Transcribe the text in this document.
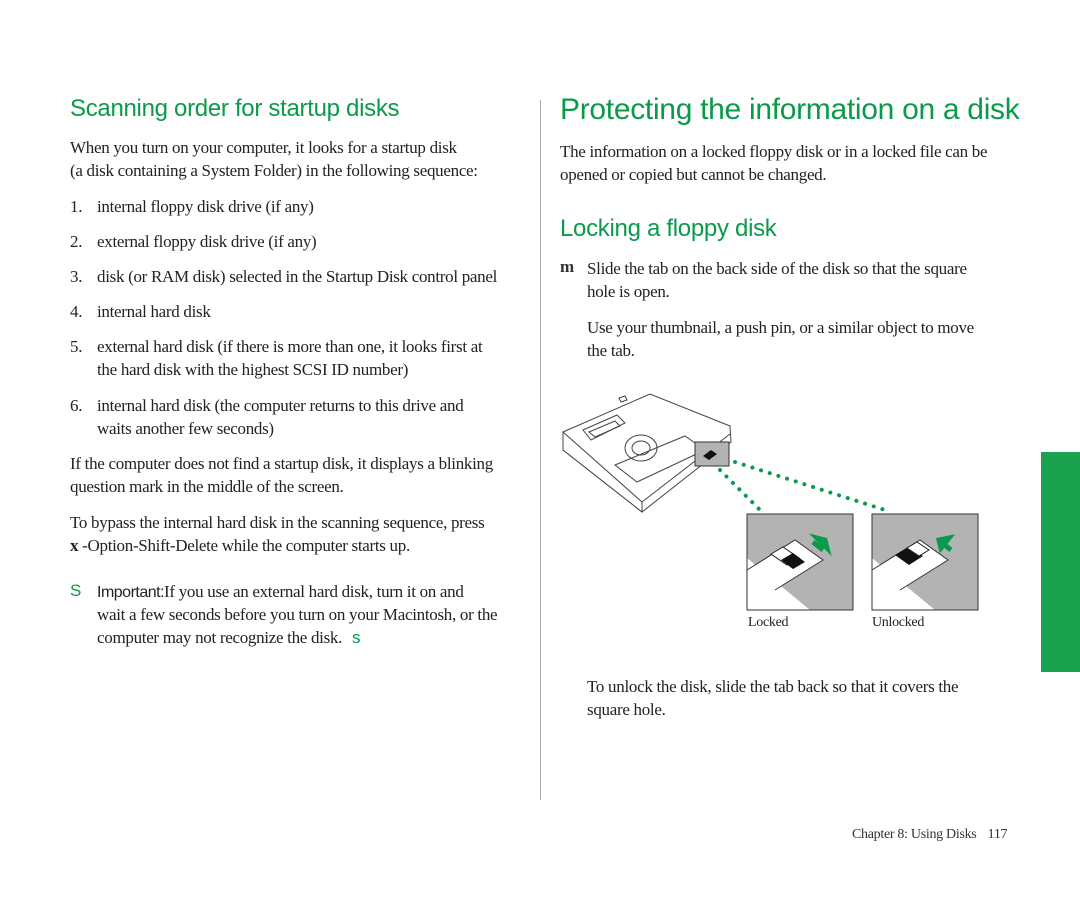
Scanning order for startup disks

When you turn on your computer, it looks for a startup disk

(a disk containing a System Folder) in the following sequence:

1. internal floppy disk drive (if any)
2. external floppy disk drive (if any)
3. disk (or RAM disk) selected in the Startup Disk control panel
4. internal hard disk
5. external hard disk (if there is more than one, it looks first at
the hard disk with the highest SCSI ID number)
6. internal hard disk (the computer returns to this drive and
waits another few seconds)

If the computer does not find a startup disk, it displays a blinking

question mark in the middle of the screen.

To bypass the internal hard disk in the scanning sequence, press

x -Option-Shift-Delete while the computer starts up.

S Important:If you use an external hard disk, turn it on and

wait a few seconds before you turn on your Macintosh, or the

computer may not recognize the disk. s

Protecting the information on a disk

The information on a locked floppy disk or in a locked file can be

opened or copied but cannot be changed.

Locking a floppy disk
m Slide the tab on the back side of the disk so that the square

hole is open.

Use your thumbnail, a push pin, or a similar object to move

the tab.

Locked	Unlocked

To unlock the disk, slide the tab back so that it covers the

square hole.

Chapter 8: Using Disks 117
